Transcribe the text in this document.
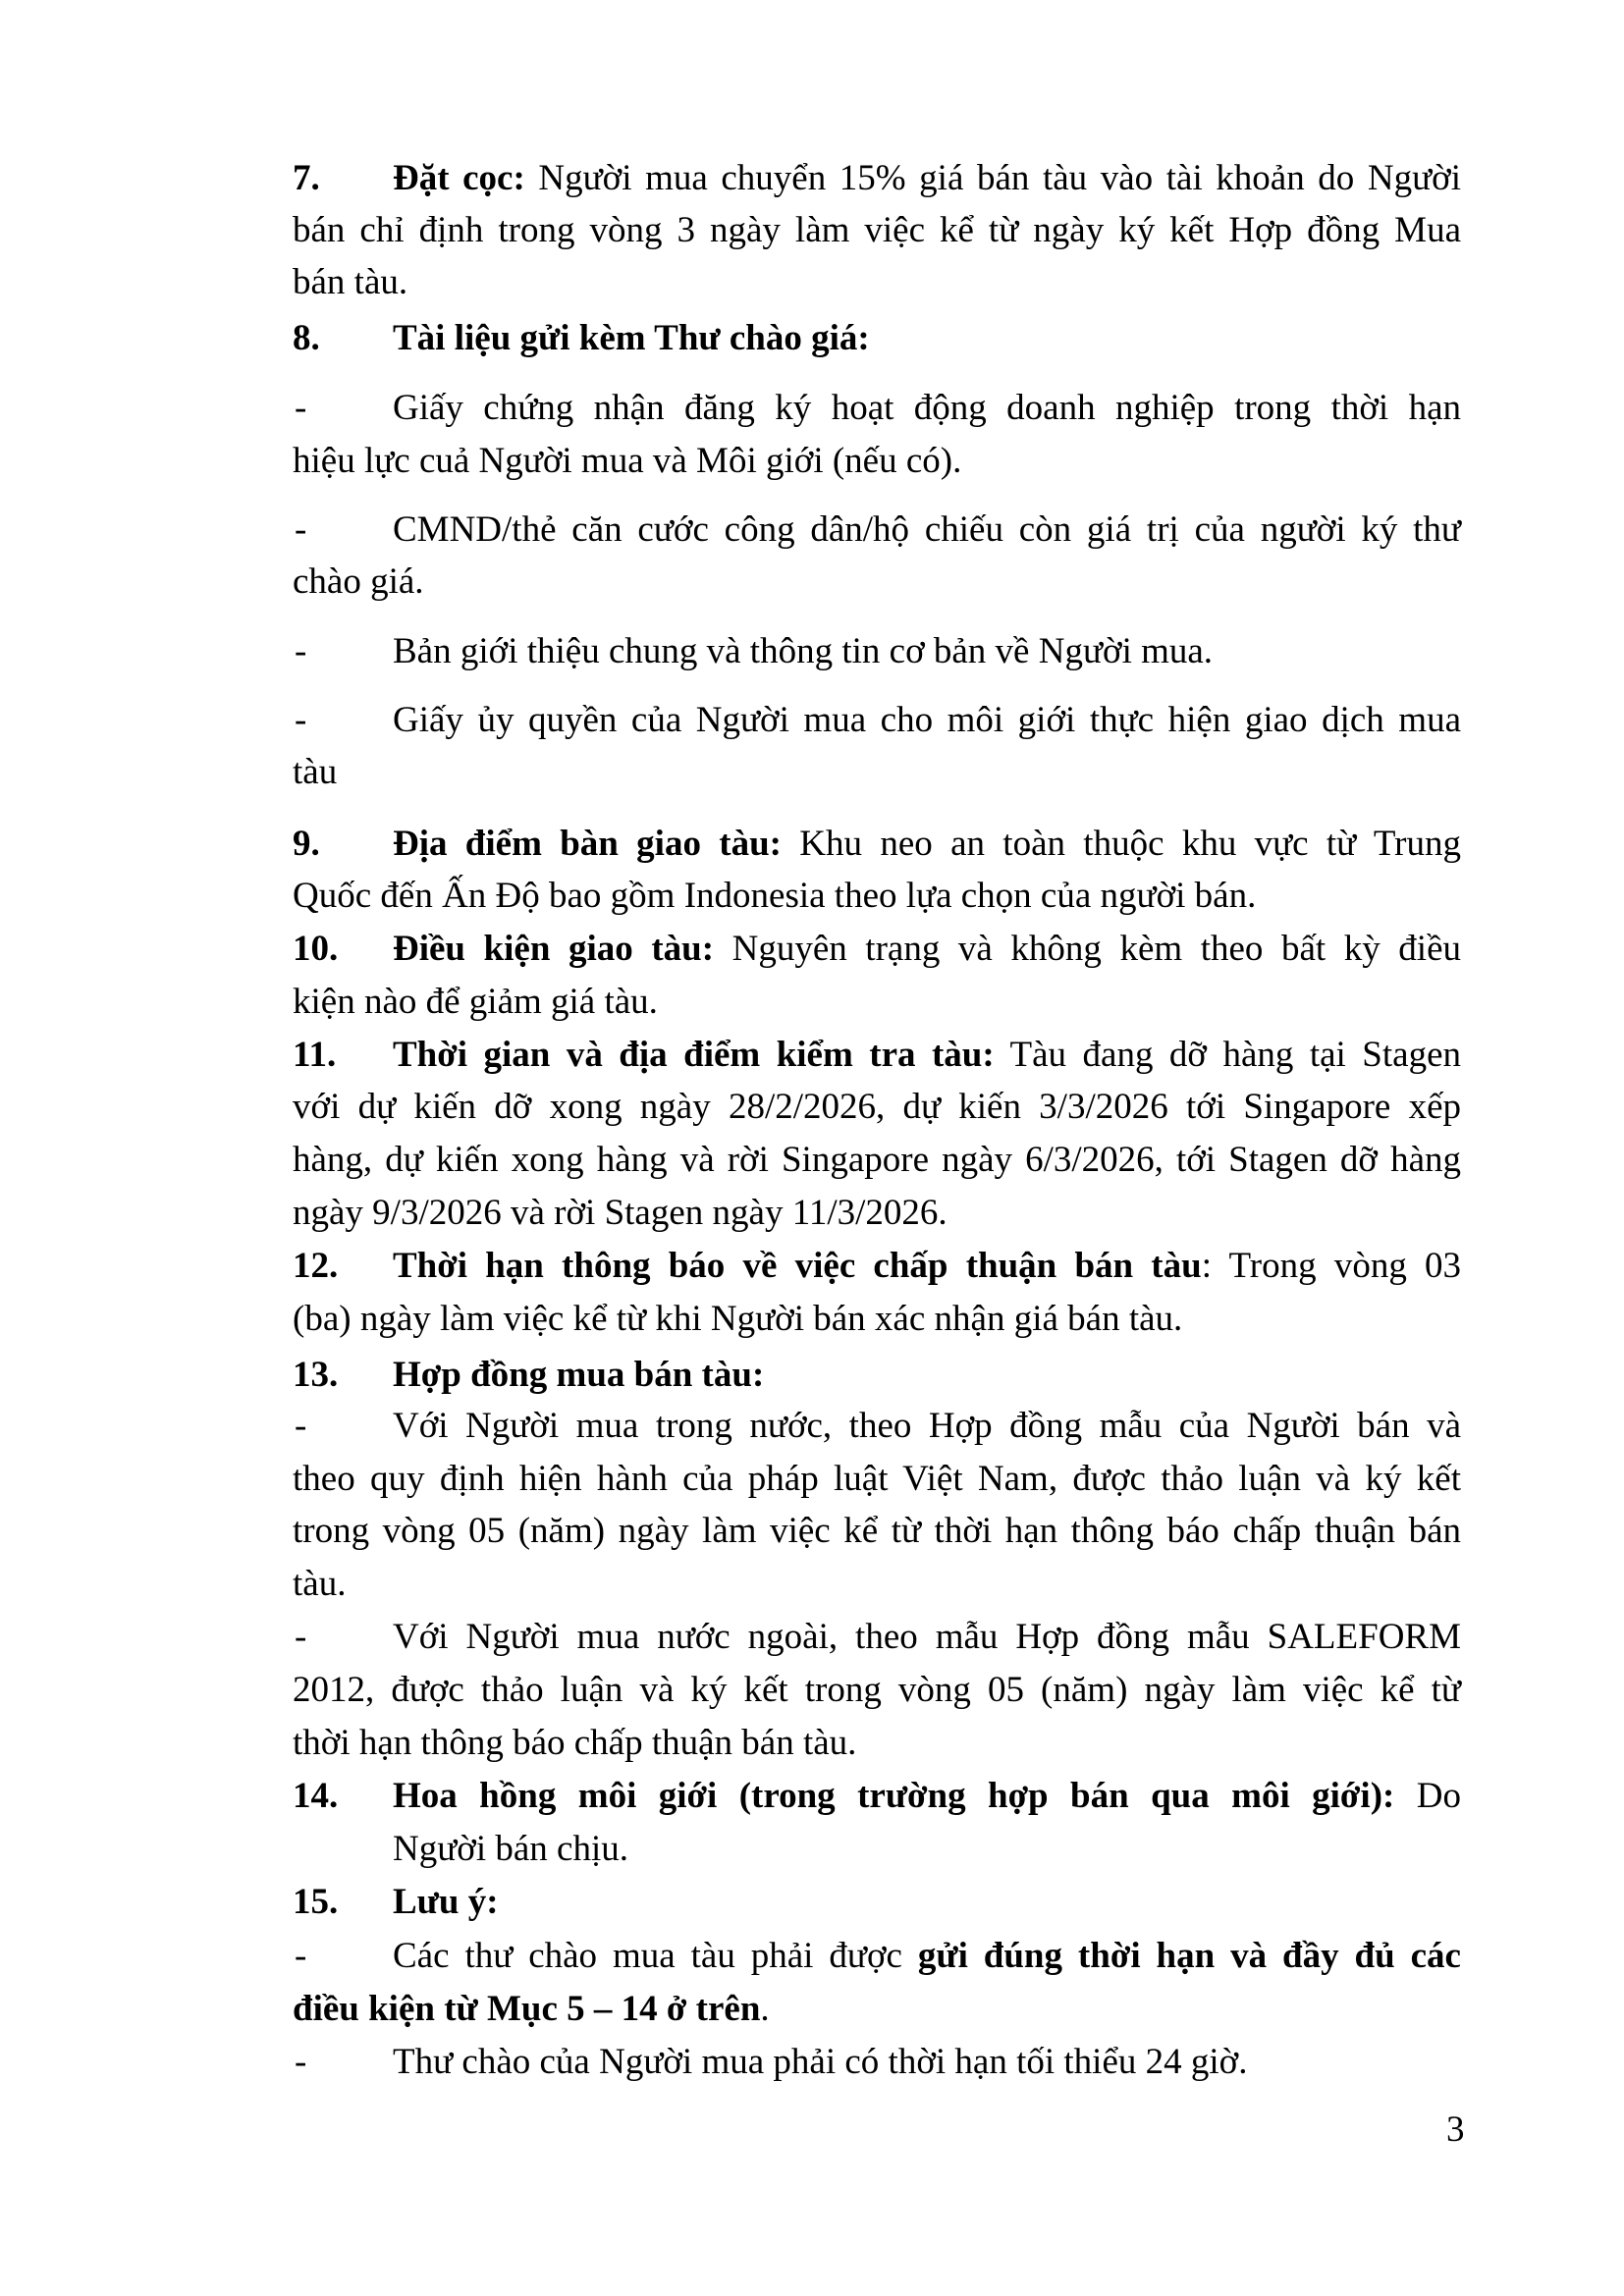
7. Đặt cọc: Người mua chuyển 15% giá bán tàu vào tài khoản do Người
bán chỉ định trong vòng 3 ngày làm việc kể từ ngày ký kết Hợp đồng Mua
bán tàu.
8. Tài liệu gửi kèm Thư chào giá:
- Giấy chứng nhận đăng ký hoạt động doanh nghiệp trong thời hạn
hiệu lực cuả Người mua và Môi giới (nếu có).
- CMND/thẻ căn cước công dân/hộ chiếu còn giá trị của người ký thư
chào giá.
- Bản giới thiệu chung và thông tin cơ bản về Người mua.
- Giấy ủy quyền của Người mua cho môi giới thực hiện giao dịch mua
tàu
9. Địa điểm bàn giao tàu: Khu neo an toàn thuộc khu vực từ Trung
Quốc đến Ấn Độ bao gồm Indonesia theo lựa chọn của người bán.
10. Điều kiện giao tàu: Nguyên trạng và không kèm theo bất kỳ điều
kiện nào để giảm giá tàu.
11. Thời gian và địa điểm kiểm tra tàu: Tàu đang dỡ hàng tại Stagen
với dự kiến dỡ xong ngày 28/2/2026, dự kiến 3/3/2026 tới Singapore xếp
hàng, dự kiến xong hàng và rời Singapore ngày 6/3/2026, tới Stagen dỡ hàng
ngày 9/3/2026 và rời Stagen ngày 11/3/2026.
12. Thời hạn thông báo về việc chấp thuận bán tàu: Trong vòng 03
(ba) ngày làm việc kể từ khi Người bán xác nhận giá bán tàu.
13. Hợp đồng mua bán tàu:
- Với Người mua trong nước, theo Hợp đồng mẫu của Người bán và
theo quy định hiện hành của pháp luật Việt Nam, được thảo luận và ký kết
trong vòng 05 (năm) ngày làm việc kể từ thời hạn thông báo chấp thuận bán
tàu.
- Với Người mua nước ngoài, theo mẫu Hợp đồng mẫu SALEFORM
2012, được thảo luận và ký kết trong vòng 05 (năm) ngày làm việc kể từ
thời hạn thông báo chấp thuận bán tàu.
14. Hoa hồng môi giới (trong trường hợp bán qua môi giới): Do
Người bán chịu.
15. Lưu ý:
- Các thư chào mua tàu phải được gửi đúng thời hạn và đầy đủ các
điều kiện từ Mục 5 – 14 ở trên.
- Thư chào của Người mua phải có thời hạn tối thiểu 24 giờ.
3
